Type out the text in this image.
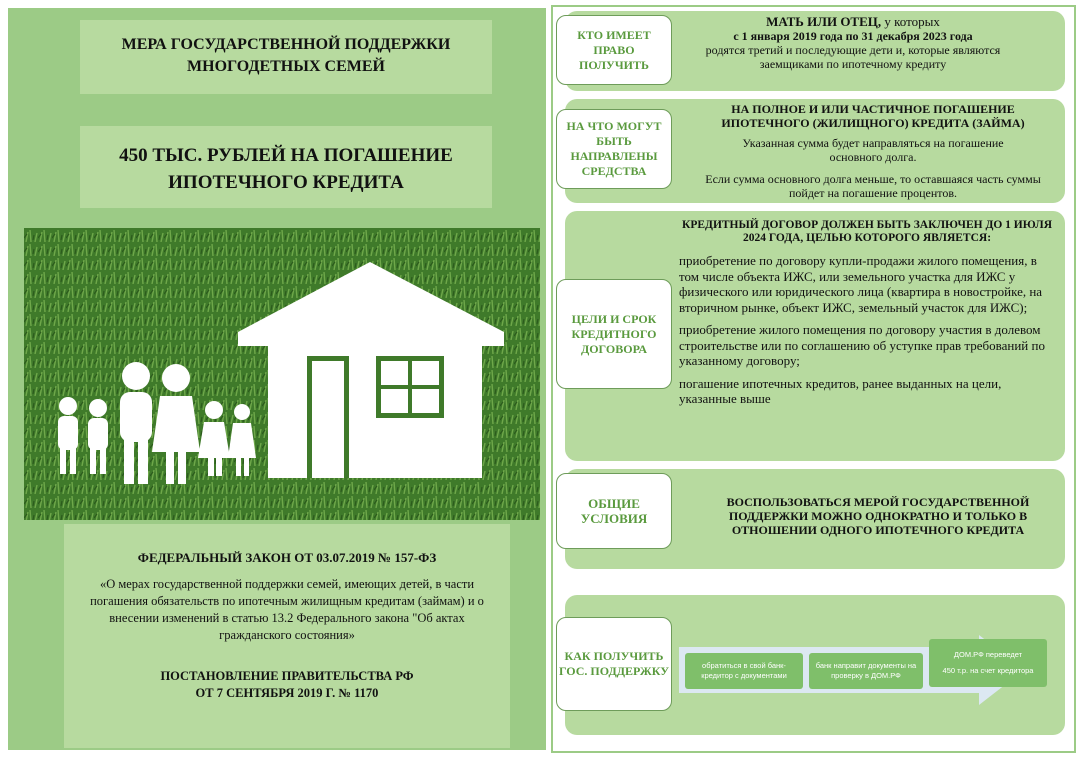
МЕРА ГОСУДАРСТВЕННОЙ ПОДДЕРЖКИ МНОГОДЕТНЫХ СЕМЕЙ
450 ТЫС. РУБЛЕЙ НА ПОГАШЕНИЕ ИПОТЕЧНОГО КРЕДИТА
ФЕДЕРАЛЬНЫЙ ЗАКОН ОТ 03.07.2019 № 157-ФЗ
«О мерах государственной поддержки семей, имеющих детей, в части погашения обязательств по ипотечным жилищным кредитам (займам) и о внесении изменений в статью 13.2 Федерального закона "Об актах гражданского состояния»
ПОСТАНОВЛЕНИЕ ПРАВИТЕЛЬСТВА РФ
ОТ 7 СЕНТЯБРЯ 2019 Г. № 1170
КТО ИМЕЕТ ПРАВО ПОЛУЧИТЬ
МАТЬ ИЛИ ОТЕЦ, у которых
с 1 января 2019 года по 31 декабря 2023 года
родятся третий и последующие дети и, которые являются заемщиками по ипотечному кредиту
НА ЧТО МОГУТ БЫТЬ НАПРАВЛЕНЫ СРЕДСТВА
НА ПОЛНОЕ И ИЛИ ЧАСТИЧНОЕ ПОГАШЕНИЕ ИПОТЕЧНОГО (ЖИЛИЩНОГО) КРЕДИТА (ЗАЙМА)
Указанная сумма будет направляться на погашение основного долга.
Если сумма основного долга меньше, то оставшаяся часть суммы пойдет на погашение процентов.
ЦЕЛИ И СРОК КРЕДИТНОГО ДОГОВОРА
КРЕДИТНЫЙ ДОГОВОР ДОЛЖЕН БЫТЬ ЗАКЛЮЧЕН ДО 1 ИЮЛЯ 2024 ГОДА, ЦЕЛЬЮ КОТОРОГО ЯВЛЯЕТСЯ:
приобретение по договору купли-продажи жилого помещения, в том числе объекта ИЖС, или земельного участка для ИЖС у физического или юридического лица (квартира в новостройке, на вторичном рынке, объект ИЖС, земельный участок для ИЖС);
приобретение жилого помещения по договору участия в долевом строительстве или по соглашению об уступке прав требований по указанному договору;
погашение ипотечных кредитов, ранее выданных на цели, указанные выше
ОБЩИЕ УСЛОВИЯ
ВОСПОЛЬЗОВАТЬСЯ МЕРОЙ ГОСУДАРСТВЕННОЙ ПОДДЕРЖКИ МОЖНО ОДНОКРАТНО И ТОЛЬКО В ОТНОШЕНИИ ОДНОГО ИПОТЕЧНОГО КРЕДИТА
КАК ПОЛУЧИТЬ ГОС. ПОДДЕРЖКУ	обратиться в свой банк-кредитор с документами
банк направит документы на проверку в ДОМ.РФ
ДОМ.РФ переведет
450 т.р. на счет кредитора
